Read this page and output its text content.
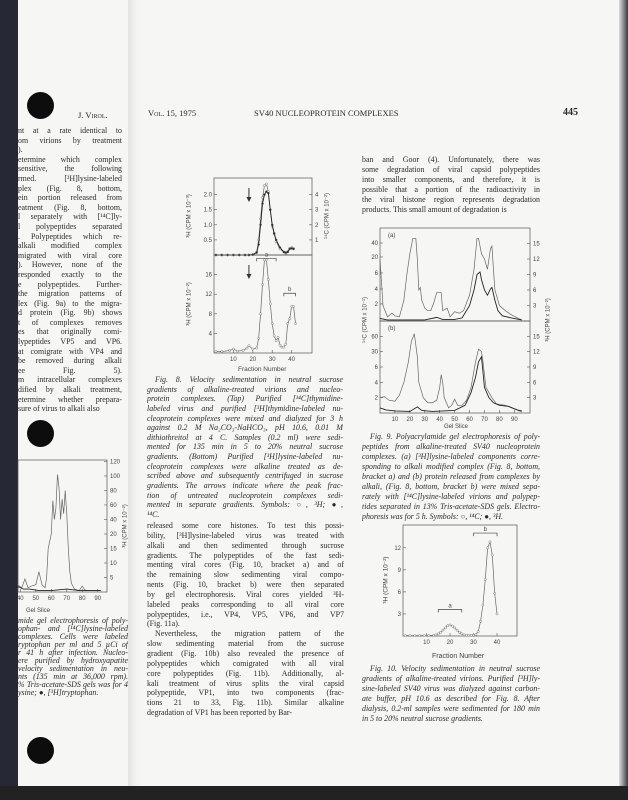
J. Virol.	Vol. 15, 1975	SV40 NUCLEOPROTEIN COMPLEXES	445
nt at a rate identical to
om virions by treatment
).
etermine which complex
sensitive, the following
rmed. [³H]lysine-labeled
plex (Fig. 8, bottom,
ein portion released from
eatment (Fig. 8, bottom,
l separately with [¹⁴C]ly-
l polypeptides separated
. Polypeptides which re-
alkali modified complex
migrated with viral core
). However, none of the
responded exactly to the
e polypeptides. Further-
the migration patterns of
lex (Fig. 9a) to the migra-
d protein (Fig. 9b) shows
t of complexes removes
es that originally comi-
lypeptides VP5 and VP6.
at comigrate with VP4 and
be removed during alkali
ee Fig. 5).
m intracellular complexes
dified by alkali treatment,
etermine whether prepara-
sure of virus to alkali also
mide gel electrophoresis of poly-
ophan- and [¹⁴C]lysine-labeled
complexes. Cells were labeled
ryptophan per ml and 5 µCi of
r 41 h after infection. Nucleo-
ere purified by hydroxyapatite
velocity sedimentation in neu-
nts (135 min at 36,000 rpm).
% Tris-acetate-SDS gels was for 4
ysine; ●, [³H]tryptophan.
Fig. 8. Velocity sedimentation in neutral sucrose
gradients of alkaline-treated virions and nucleo-
protein complexes. (Top) Purified [¹⁴C]thymidine-
labeled virus and purified [³H]thymidine-labeled nu-
cleoprotein complexes were mixed and dialyzed for 3 h
against 0.2 M Na₂CO₃-NaHCO₃, pH 10.6, 0.01 M
dithiothreitol at 4 C. Samples (0.2 ml) were sedi-
mented for 135 min in 5 to 20% neutral sucrose
gradients. (Bottom) Purified [³H]lysine-labeled nu-
cleoprotein complexes were alkaline treated as de-
scribed above and subsequently centrifuged in sucrose
gradients. The arrows indicate where the peak frac-
tion of untreated nucleoprotein complexes sedi-
mented in separate gradients. Symbols: ○, ³H; ●,
¹⁴C.
released some core histones. To test this possi-
bility, [³H]lysine-labeled virus was treated with
alkali and then sedimented through sucrose
gradients. The polypeptides of the fast sedi-
menting viral cores (Fig. 10, bracket a) and of
the remaining slow sedimenting viral compo-
nents (Fig. 10, bracket b) were then separated
by gel electrophoresis. Viral cores yielded ³H-
labeled peaks corresponding to all viral core
polypeptides, i.e., VP4, VP5, VP6, and VP7
(Fig. 11a).
Nevertheless, the migration pattern of the
slow sedimenting material from the sucrose
gradient (Fig. 10b) also revealed the presence of
polypeptides which comigrated with all viral
core polypeptides (Fig. 11b). Additionally, al-
kali treatment of virus splits the viral capsid
polypeptide, VP1, into two components (frac-
tions 21 to 33, Fig. 11b). Similar alkaline
degradation of VP1 has been reported by Bar-
ban and Goor (4). Unfortunately, there was
some degradation of viral capsid polypeptides
into smaller components, and therefore, it is
possible that a portion of the radioactivity in
the viral histone region represents degradation
products. This small amount of degradation is
Fig. 9. Polyacrylamide gel electrophoresis of poly-
peptides from alkaline-treated SV40 nucleoprotein
complexes. (a) [³H]lysine-labeled components corre-
sponding to alkali modified complex (Fig. 8, bottom,
bracket a) and (b) protein released from complexes by
alkali, (Fig. 8, bottom, bracket b) were mixed sepa-
rately with [¹⁴C]lysine-labeled virions and polypep-
tides separated in 13% Tris-acetate-SDS gels. Electro-
phoresis was for 5 h. Symbols: ○, ¹⁴C; ●, ³H.
Fig. 10. Velocity sedimentation in neutral sucrose
gradients of alkaline-treated virions. Purified [³H]ly-
sine-labeled SV40 virus was dialyzed against carbon-
ate buffer, pH 10.6 as described for Fig. 8. After
dialysis, 0.2-ml samples were sedimented for 180 min
in 5 to 20% neutral sucrose gradients.
³H (CPM x 10⁻³)	¹⁴C (CPM x 10⁻²)
³H (CPM x 10⁻²)
Fraction Number
¹⁴C (CPM x 10⁻¹)	³H (CPM x 10⁻²)
Gel Slice
³H (CPM x 10⁻²)
Fraction Number
Gel Slice
³H (CPM x 10⁻²)
0.5
1.0
1.5
2.0
1
2
3
4
4
8
12
16
10 20 30 40
a
b
2
4
6
20
40
3
6
9
12
15
(a)
2
4
6
30
60
3
6
9
12
15
10 20 30 40 50 60 70 80 90
(b)
3
6
9
12
10	20	30	40
a
b
5
10
15
20
40
60
80
100
120
40 50 60 70 80 90
